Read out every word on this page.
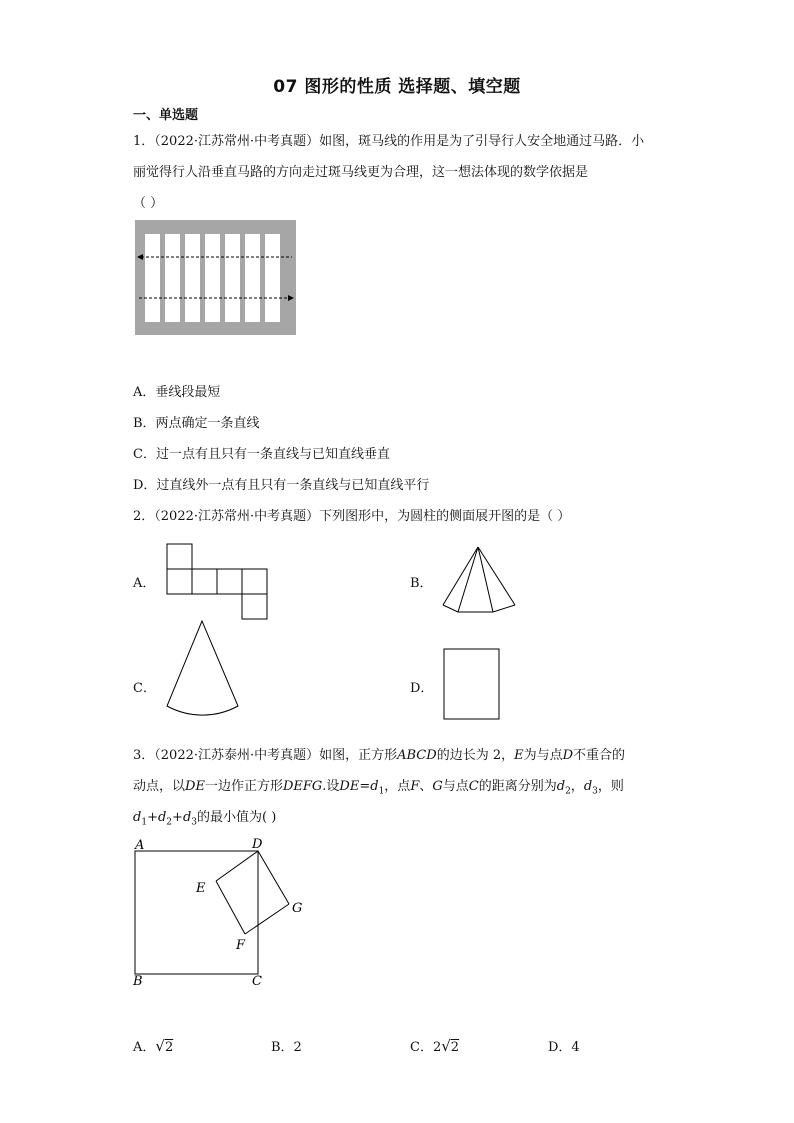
07 图形的性质 选择题、填空题
一、单选题
1．（2022·江苏常州·中考真题）如图，斑马线的作用是为了引导行人安全地通过马路．小
丽觉得行人沿垂直马路的方向走过斑马线更为合理，这一想法体现的数学依据是
（ ）
A．垂线段最短
B．两点确定一条直线
C．过一点有且只有一条直线与已知直线垂直
D．过直线外一点有且只有一条直线与已知直线平行
2．（2022·江苏常州·中考真题）下列图形中，为圆柱的侧面展开图的是（ ）
A．	B．
C．	D．
3．（2022·江苏泰州·中考真题）如图，正方形ABCD的边长为 2，E为与点D不重合的
动点，以DE一边作正方形DEFG.设$DE=d_1$，点F、G与点C的距离分别为$d_2$，$d_3$，则
$d_1+d_2+d_3$的最小值为( )
A	D
E
F
G
B	C
A．√2	B．2	C．2√2	D．4
